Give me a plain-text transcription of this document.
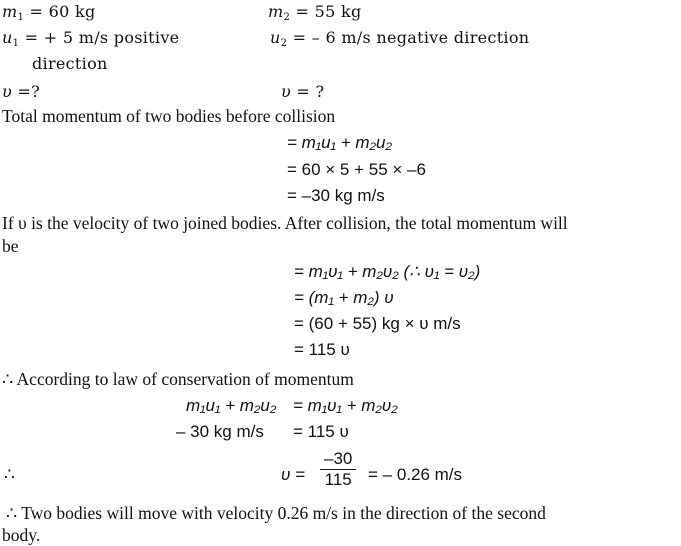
$m_1 = 60$ kg	$m_2 = 55$ kg
$u_1$ = + 5 m/s positive	$u_2$ = – 6 m/s negative direction
direction
υ =?	υ = ?
Total momentum of two bodies before collision
= m₁u₁ + m₂u₂
= 60 × 5 + 55 × –6
= –30 kg m/s
If υ is the velocity of two joined bodies. After collision, the total momentum will
be
= m₁υ₁ + m₂υ₂ (∴ υ₁ = υ₂)
= (m₁ + m₂) υ
= (60 + 55) kg × υ m/s
= 115 υ
∴ According to law of conservation of momentum
m₁u₁ + m₂u₂ = m₁υ₁ + m₂υ₂
– 30 kg m/s = 115 υ
∴	$\upsilon = \frac{-30}{115}$ = – 0.26 m/s
∴ Two bodies will move with velocity 0.26 m/s in the direction of the second
body.
